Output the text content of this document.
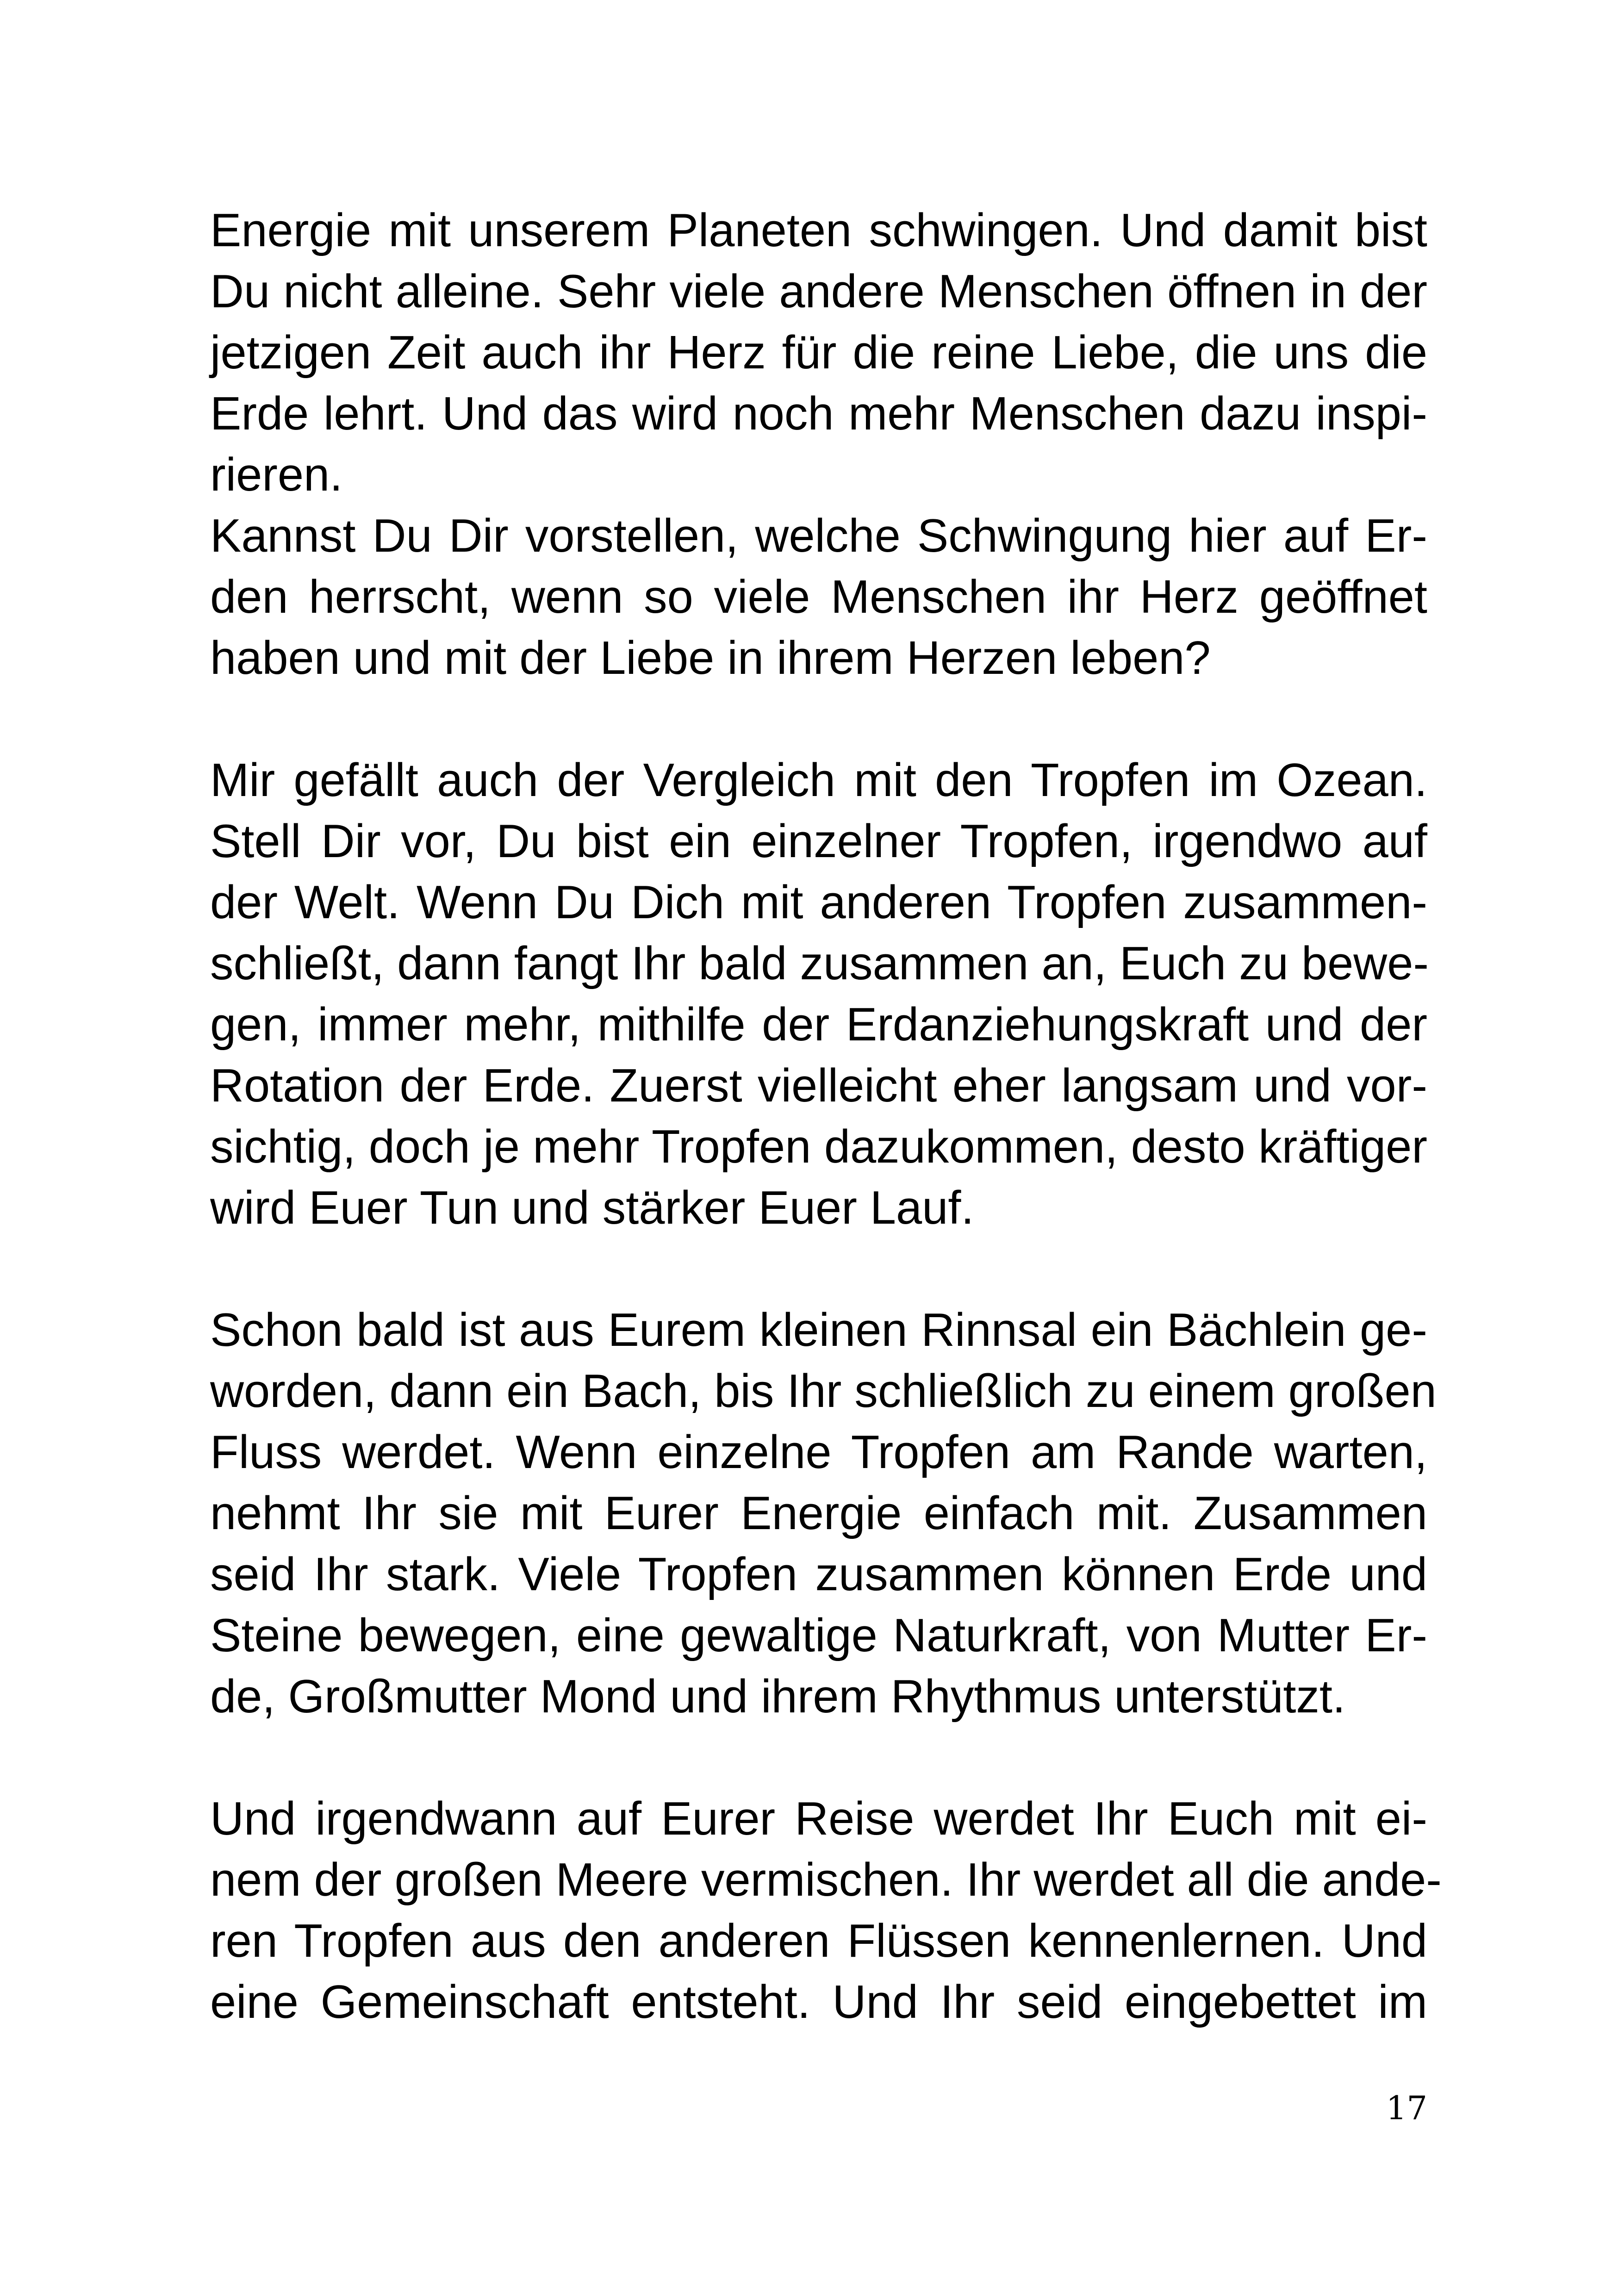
Energie mit unserem Planeten schwingen. Und damit bist
Du nicht alleine. Sehr viele andere Menschen öffnen in der
jetzigen Zeit auch ihr Herz für die reine Liebe, die uns die
Erde lehrt. Und das wird noch mehr Menschen dazu inspi-
rieren.
Kannst Du Dir vorstellen, welche Schwingung hier auf Er-
den herrscht, wenn so viele Menschen ihr Herz geöffnet
haben und mit der Liebe in ihrem Herzen leben?
Mir gefällt auch der Vergleich mit den Tropfen im Ozean.
Stell Dir vor, Du bist ein einzelner Tropfen, irgendwo auf
der Welt. Wenn Du Dich mit anderen Tropfen zusammen-
schließt, dann fangt Ihr bald zusammen an, Euch zu bewe-
gen, immer mehr, mithilfe der Erdanziehungskraft und der
Rotation der Erde. Zuerst vielleicht eher langsam und vor-
sichtig, doch je mehr Tropfen dazukommen, desto kräftiger
wird Euer Tun und stärker Euer Lauf.
Schon bald ist aus Eurem kleinen Rinnsal ein Bächlein ge-
worden, dann ein Bach, bis Ihr schließlich zu einem großen
Fluss werdet. Wenn einzelne Tropfen am Rande warten,
nehmt Ihr sie mit Eurer Energie einfach mit. Zusammen
seid Ihr stark. Viele Tropfen zusammen können Erde und
Steine bewegen, eine gewaltige Naturkraft, von Mutter Er-
de, Großmutter Mond und ihrem Rhythmus unterstützt.
Und irgendwann auf Eurer Reise werdet Ihr Euch mit ei-
nem der großen Meere vermischen. Ihr werdet all die ande-
ren Tropfen aus den anderen Flüssen kennenlernen. Und
eine Gemeinschaft entsteht. Und Ihr seid eingebettet im
17
